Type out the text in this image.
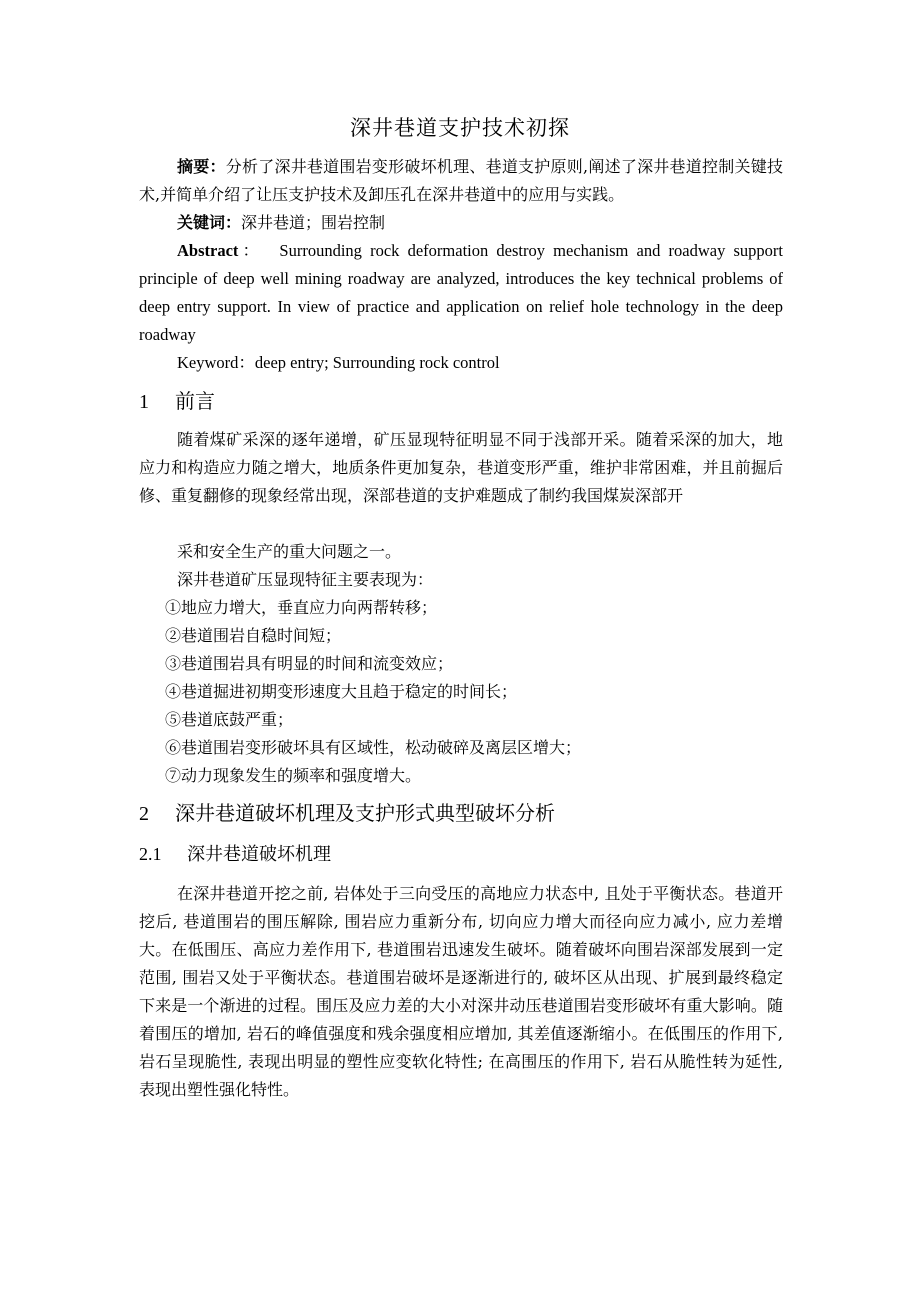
深井巷道支护技术初探
摘要：分析了深井巷道围岩变形破坏机理、巷道支护原则,阐述了深井巷道控制关键技术,并简单介绍了让压支护技术及卸压孔在深井巷道中的应用与实践。
关键词：深井巷道；围岩控制
Abstract： Surrounding rock deformation destroy mechanism and roadway support principle of deep well mining roadway are analyzed, introduces the key technical problems of deep entry support. In view of practice and application on relief hole technology in the deep roadway
Keyword：deep entry; Surrounding rock control
1 前言
随着煤矿采深的逐年递增，矿压显现特征明显不同于浅部开采。随着采深的加大，地应力和构造应力随之增大，地质条件更加复杂，巷道变形严重，维护非常困难，并且前掘后修、重复翻修的现象经常出现，深部巷道的支护难题成了制约我国煤炭深部开
采和安全生产的重大问题之一。
深井巷道矿压显现特征主要表现为：
①地应力增大，垂直应力向两帮转移；
②巷道围岩自稳时间短；
③巷道围岩具有明显的时间和流变效应；
④巷道掘进初期变形速度大且趋于稳定的时间长；
⑤巷道底鼓严重；
⑥巷道围岩变形破坏具有区域性，松动破碎及离层区增大；
⑦动力现象发生的频率和强度增大。
2 深井巷道破坏机理及支护形式典型破坏分析
2.1 深井巷道破坏机理
在深井巷道开挖之前, 岩体处于三向受压的高地应力状态中, 且处于平衡状态。巷道开挖后, 巷道围岩的围压解除, 围岩应力重新分布, 切向应力增大而径向应力减小, 应力差增大。在低围压、高应力差作用下, 巷道围岩迅速发生破坏。随着破坏向围岩深部发展到一定范围, 围岩又处于平衡状态。巷道围岩破坏是逐渐进行的, 破坏区从出现、扩展到最终稳定下来是一个渐进的过程。围压及应力差的大小对深井动压巷道围岩变形破坏有重大影响。随着围压的增加, 岩石的峰值强度和残余强度相应增加, 其差值逐渐缩小。在低围压的作用下, 岩石呈现脆性, 表现出明显的塑性应变软化特性; 在高围压的作用下, 岩石从脆性转为延性, 表现出塑性强化特性。
